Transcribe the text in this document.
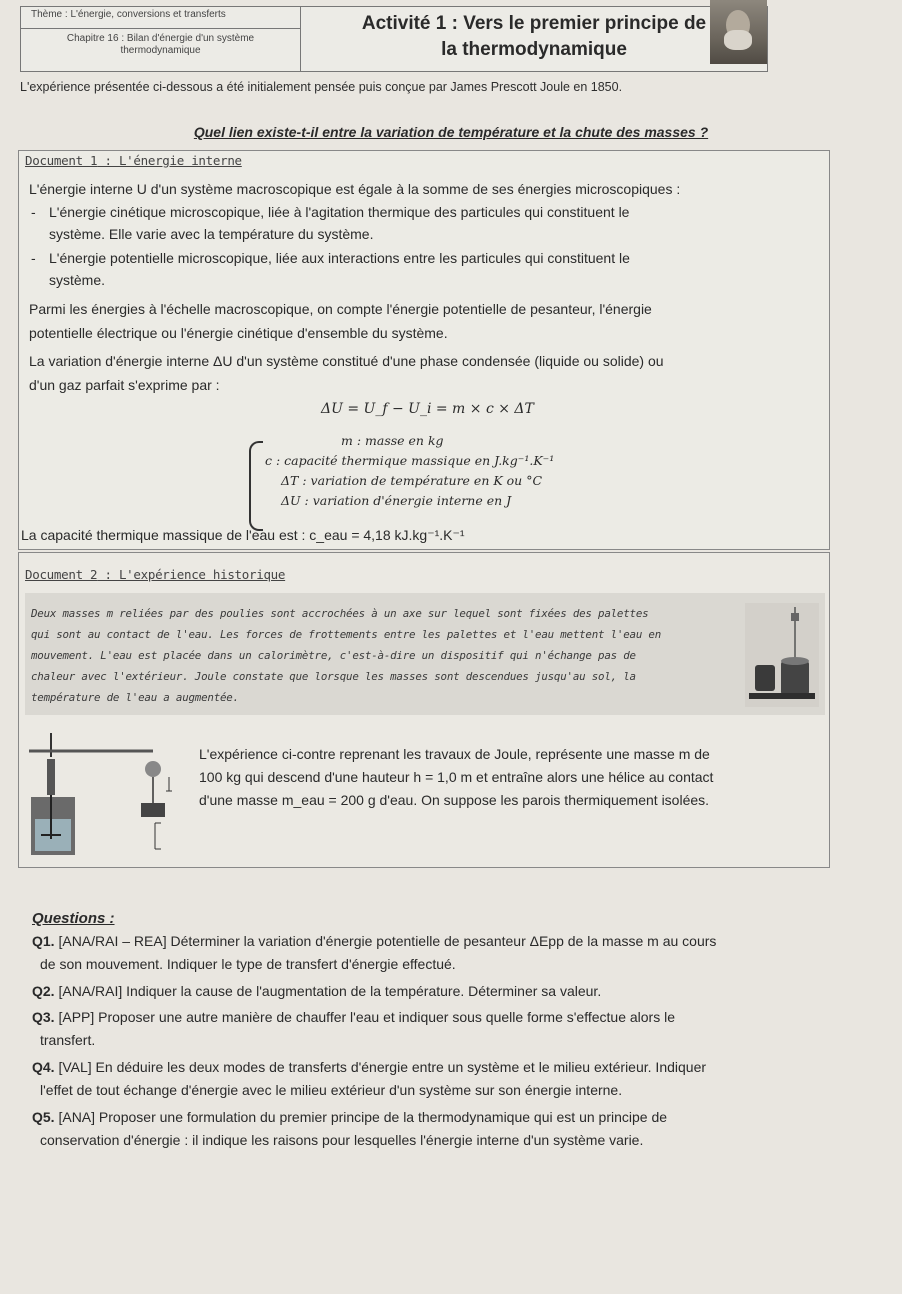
Thème : L'énergie, conversions et transferts
Chapitre 16 : Bilan d'énergie d'un système thermodynamique
Activité 1 : Vers le premier principe de
la thermodynamique
L'expérience présentée ci-dessous a été initialement pensée puis conçue par James Prescott Joule en 1850.
Quel lien existe-t-il entre la variation de température et la chute des masses ?
Document 1 : L'énergie interne
L'énergie interne U d'un système macroscopique est égale à la somme de ses énergies microscopiques :
- L'énergie cinétique microscopique, liée à l'agitation thermique des particules qui constituent le
système. Elle varie avec la température du système.
- L'énergie potentielle microscopique, liée aux interactions entre les particules qui constituent le
système.
Parmi les énergies à l'échelle macroscopique, on compte l'énergie potentielle de pesanteur, l'énergie
potentielle électrique ou l'énergie cinétique d'ensemble du système.
La variation d'énergie interne ΔU d'un système constitué d'une phase condensée (liquide ou solide) ou
d'un gaz parfait s'exprime par :
ΔU = U_f − U_i = m × c × ΔT
m : masse en kg
c : capacité thermique massique en J.kg⁻¹.K⁻¹
ΔT : variation de température en K ou °C
ΔU : variation d'énergie interne en J
La capacité thermique massique de l'eau est : c_eau = 4,18 kJ.kg⁻¹.K⁻¹
Document 2 : L'expérience historique
Deux masses m reliées par des poulies sont accrochées à un axe sur lequel sont fixées des palettes
qui sont au contact de l'eau. Les forces de frottements entre les palettes et l'eau mettent l'eau en
mouvement. L'eau est placée dans un calorimètre, c'est-à-dire un dispositif qui n'échange pas de
chaleur avec l'extérieur. Joule constate que lorsque les masses sont descendues jusqu'au sol, la
température de l'eau a augmentée.
L'expérience ci-contre reprenant les travaux de Joule, représente une masse m de
100 kg qui descend d'une hauteur h = 1,0 m et entraîne alors une hélice au contact
d'une masse m_eau = 200 g d'eau. On suppose les parois thermiquement isolées.
Questions :
Q1. [ANA/RAI – REA] Déterminer la variation d'énergie potentielle de pesanteur ΔEpp de la masse m au cours
de son mouvement. Indiquer le type de transfert d'énergie effectué.
Q2. [ANA/RAI] Indiquer la cause de l'augmentation de la température. Déterminer sa valeur.
Q3. [APP] Proposer une autre manière de chauffer l'eau et indiquer sous quelle forme s'effectue alors le
transfert.
Q4. [VAL] En déduire les deux modes de transferts d'énergie entre un système et le milieu extérieur. Indiquer
l'effet de tout échange d'énergie avec le milieu extérieur d'un système sur son énergie interne.
Q5. [ANA] Proposer une formulation du premier principe de la thermodynamique qui est un principe de
conservation d'énergie : il indique les raisons pour lesquelles l'énergie interne d'un système varie.
